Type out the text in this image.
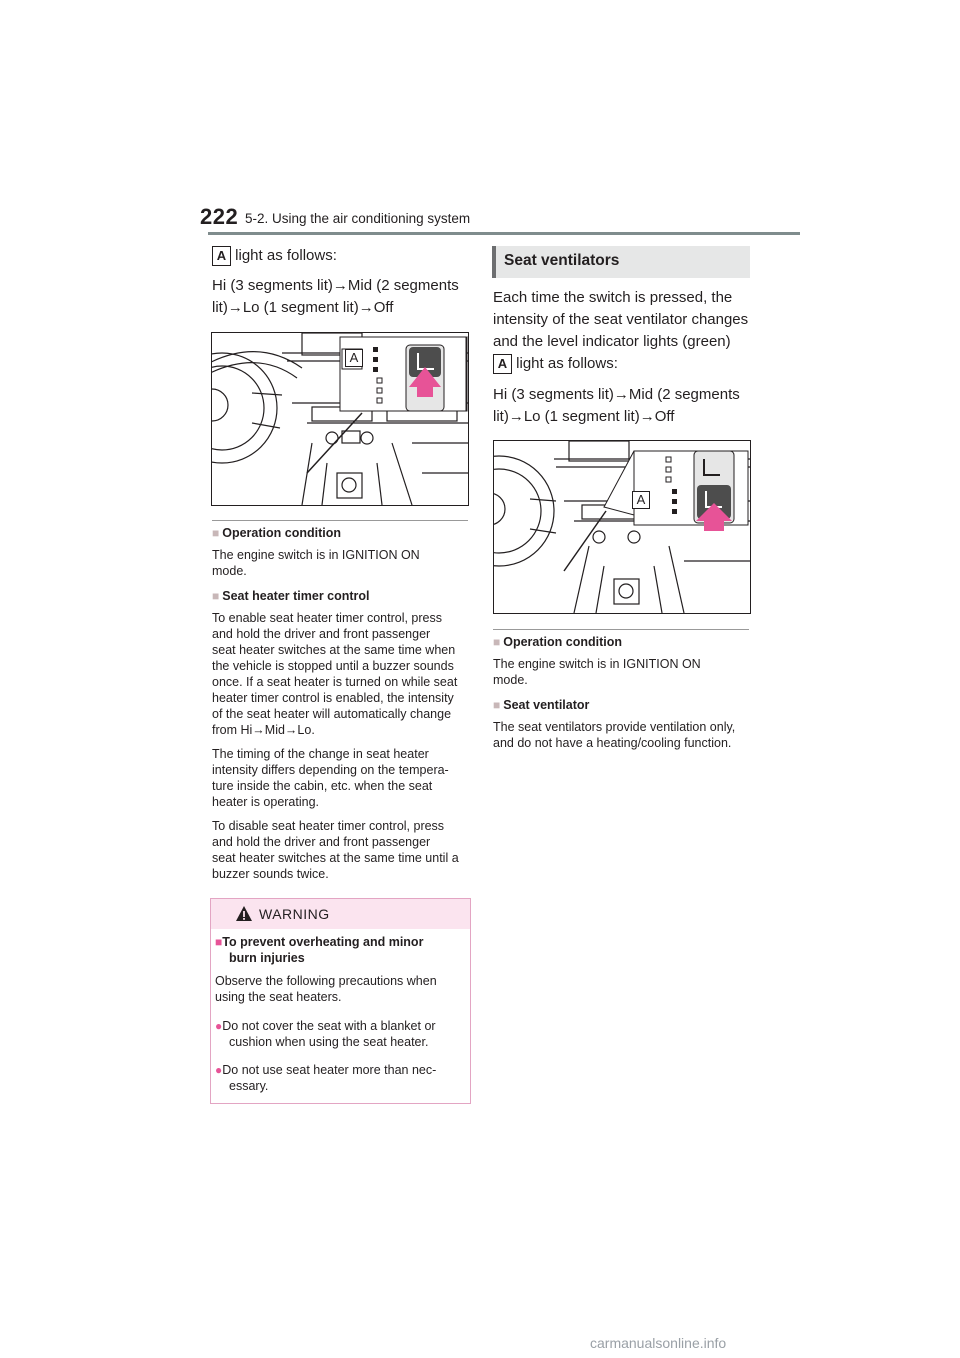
222 5-2. Using the air conditioning system
A light as follows:
Hi (3 segments lit)→Mid (2 segments
lit)→Lo (1 segment lit)→Off
A
■ Operation condition
The engine switch is in IGNITION ON
mode.
■ Seat heater timer control
To enable seat heater timer control, press
and hold the driver and front passenger
seat heater switches at the same time when
the vehicle is stopped until a buzzer sounds
once. If a seat heater is turned on while seat
heater timer control is enabled, the intensity
of the seat heater will automatically change
from Hi→Mid→Lo.
The timing of the change in seat heater
intensity differs depending on the tempera-
ture inside the cabin, etc. when the seat
heater is operating.
To disable seat heater timer control, press
and hold the driver and front passenger
seat heater switches at the same time until a
buzzer sounds twice.
WARNING
■To prevent overheating and minor
burn injuries
Observe the following precautions when
using the seat heaters.
●Do not cover the seat with a blanket or
cushion when using the seat heater.
●Do not use seat heater more than nec-
essary.
Seat ventilators
Each time the switch is pressed, the
intensity of the seat ventilator changes
and the level indicator lights (green)
A light as follows:
Hi (3 segments lit)→Mid (2 segments
lit)→Lo (1 segment lit)→Off
A
■ Operation condition
The engine switch is in IGNITION ON
mode.
■ Seat ventilator
The seat ventilators provide ventilation only,
and do not have a heating/cooling function.
carmanualsonline.info
